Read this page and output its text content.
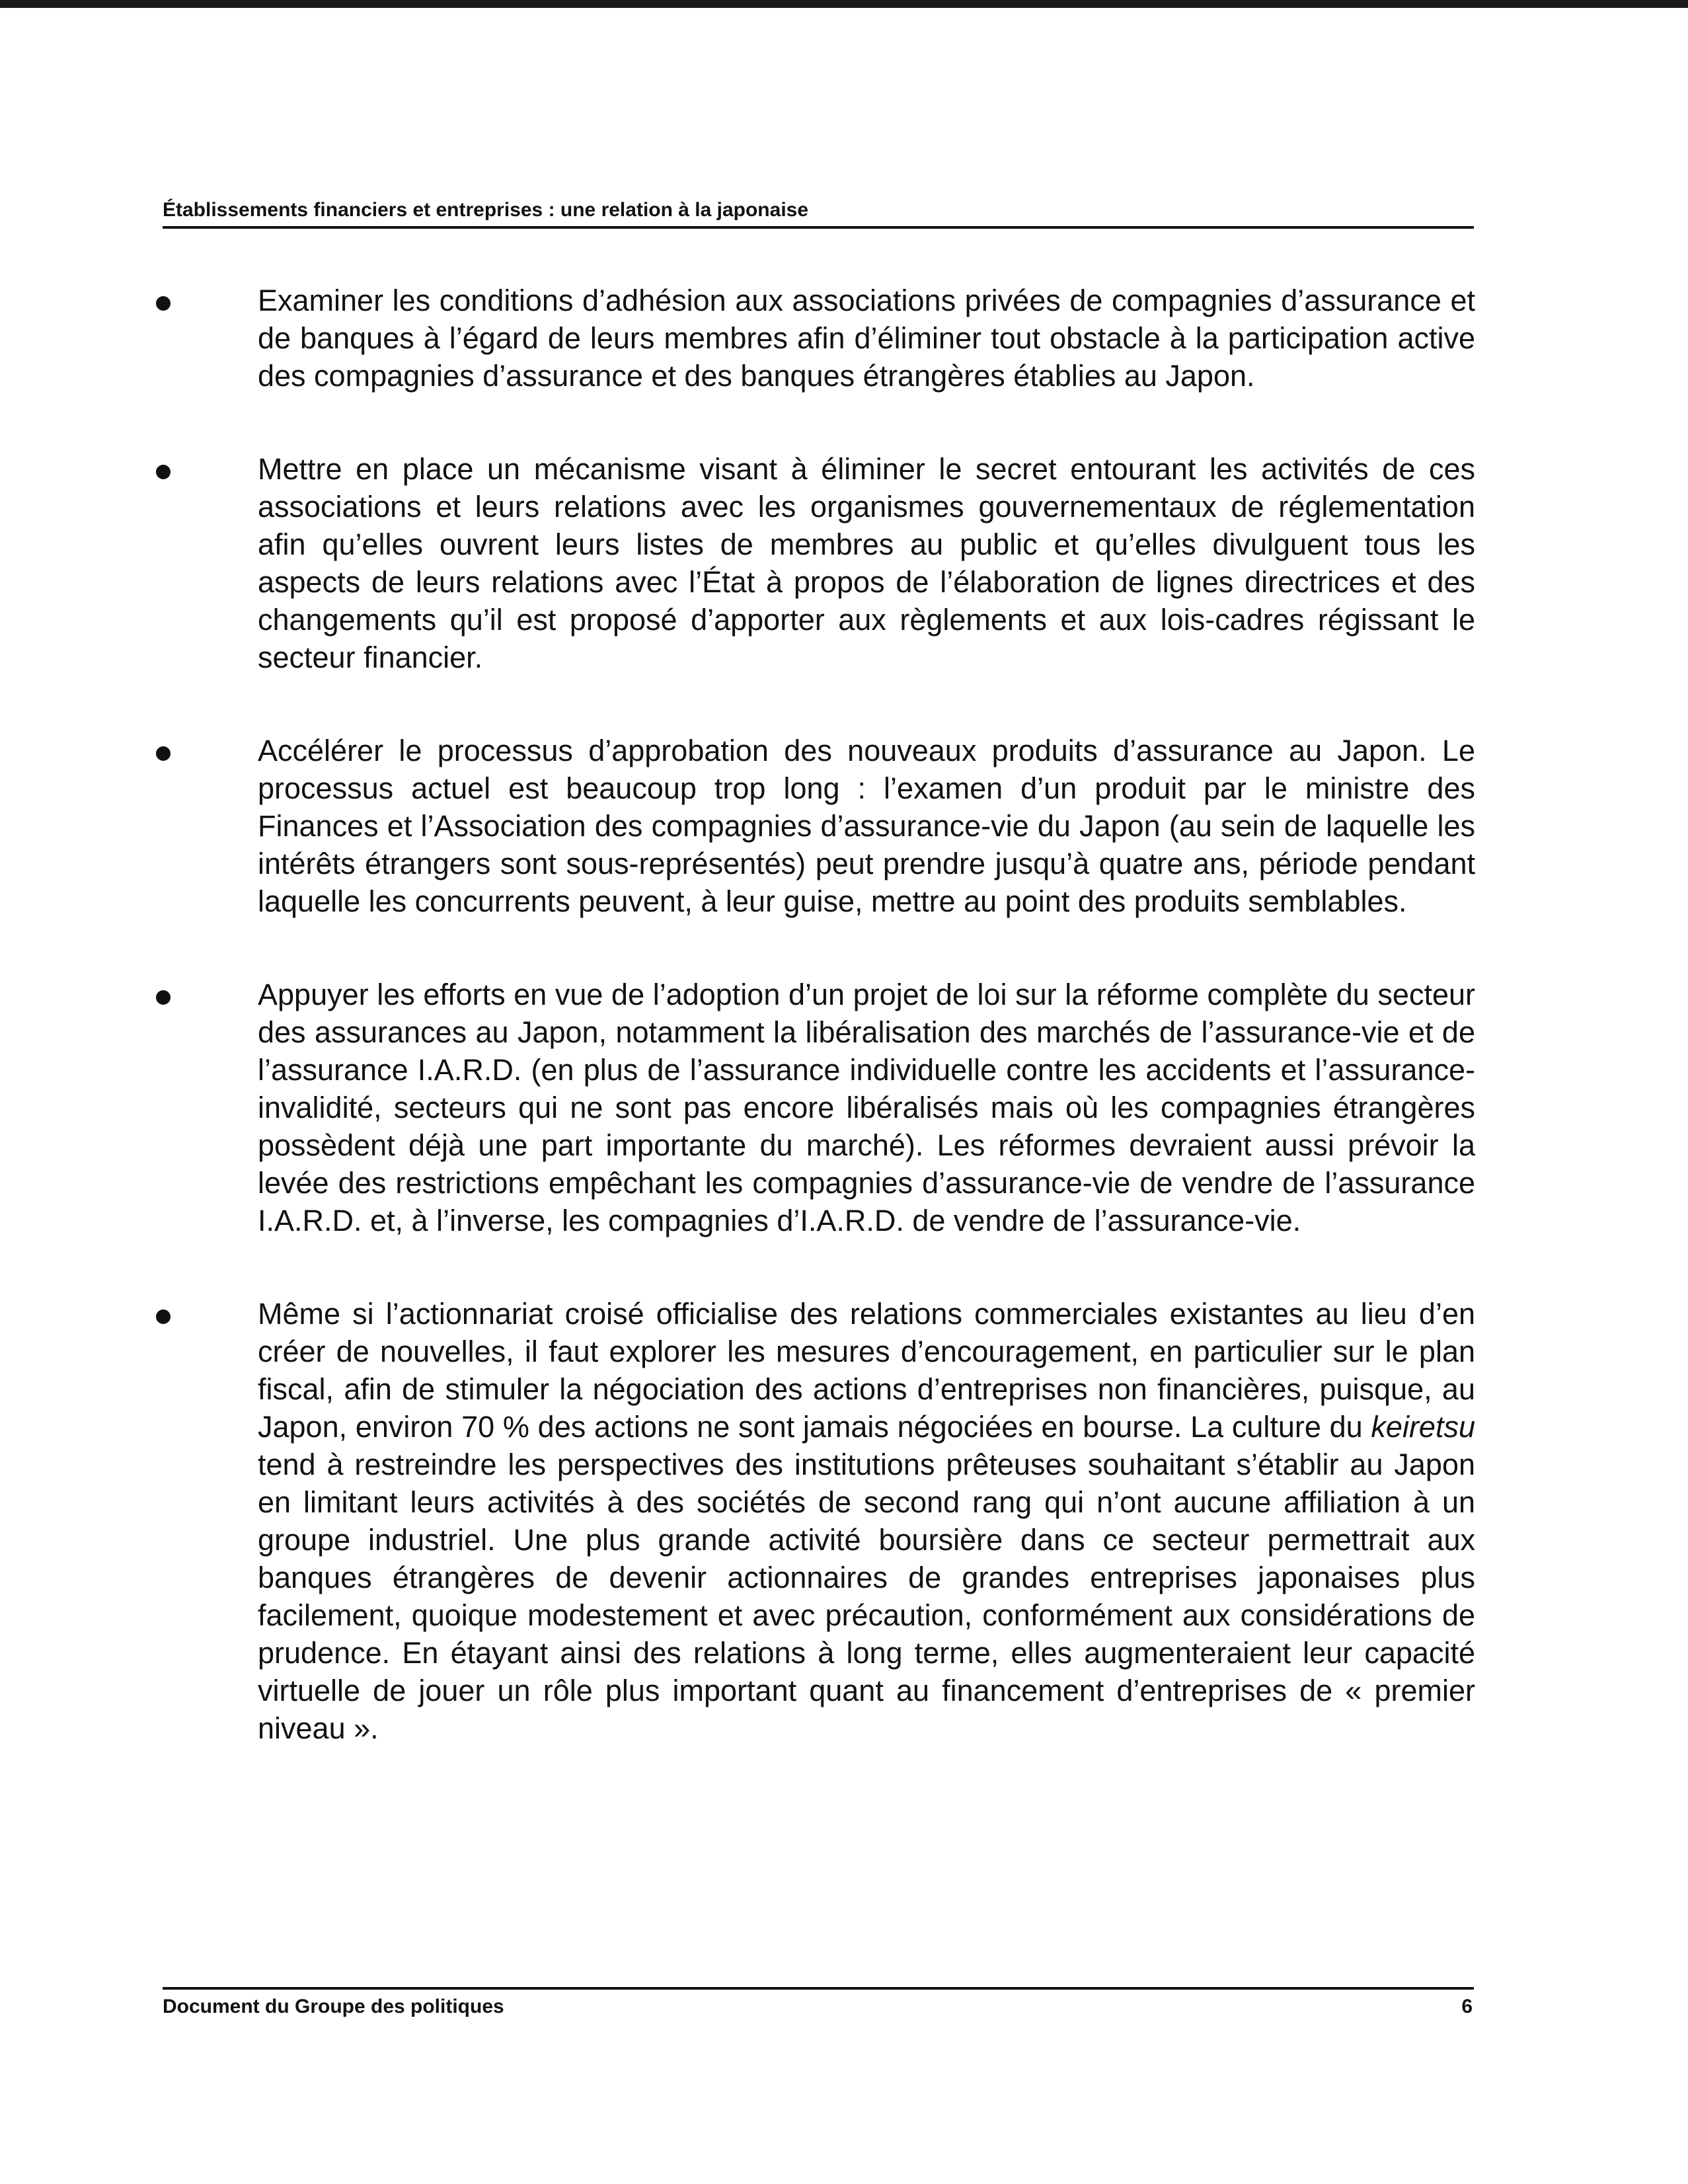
Établissements financiers et entreprises : une relation à la japonaise

Examiner les conditions d’adhésion aux associations privées de compagnies d’assurance et de banques à l’égard de leurs membres afin d’éliminer tout obstacle à la participation active des compagnies d’assurance et des banques étrangères établies au Japon.

Mettre en place un mécanisme visant à éliminer le secret entourant les activités de ces associations et leurs relations avec les organismes gouvernementaux de réglementation afin qu’elles ouvrent leurs listes de membres au public et qu’elles divulguent tous les aspects de leurs relations avec l’État à propos de l’élaboration de lignes directrices et des changements qu’il est proposé d’apporter aux règlements et aux lois-cadres régissant le secteur financier.

Accélérer le processus d’approbation des nouveaux produits d’assurance au Japon. Le processus actuel est beaucoup trop long : l’examen d’un produit par le ministre des Finances et l’Association des compagnies d’assurance-vie du Japon (au sein de laquelle les intérêts étrangers sont sous-représentés) peut prendre jusqu’à quatre ans, période pendant laquelle les concurrents peuvent, à leur guise, mettre au point des produits semblables.

Appuyer les efforts en vue de l’adoption d’un projet de loi sur la réforme complète du secteur des assurances au Japon, notamment la libéralisation des marchés de l’assurance-vie et de l’assurance I.A.R.D. (en plus de l’assurance individuelle contre les accidents et l’assurance-invalidité, secteurs qui ne sont pas encore libéralisés mais où les compagnies étrangères possèdent déjà une part importante du marché). Les réformes devraient aussi prévoir la levée des restrictions empêchant les compagnies d’assurance-vie de vendre de l’assurance I.A.R.D. et, à l’inverse, les compagnies d’I.A.R.D. de vendre de l’assurance-vie.

Même si l’actionnariat croisé officialise des relations commerciales existantes au lieu d’en créer de nouvelles, il faut explorer les mesures d’encouragement, en particulier sur le plan fiscal, afin de stimuler la négociation des actions d’entreprises non financières, puisque, au Japon, environ 70 % des actions ne sont jamais négociées en bourse. La culture du keiretsu tend à restreindre les perspectives des institutions prêteuses souhaitant s’établir au Japon en limitant leurs activités à des sociétés de second rang qui n’ont aucune affiliation à un groupe industriel. Une plus grande activité boursière dans ce secteur permettrait aux banques étrangères de devenir actionnaires de grandes entreprises japonaises plus facilement, quoique modestement et avec précaution, conformément aux considérations de prudence. En étayant ainsi des relations à long terme, elles augmenteraient leur capacité virtuelle de jouer un rôle plus important quant au financement d’entreprises de « premier niveau ».

Document du Groupe des politiques	6
